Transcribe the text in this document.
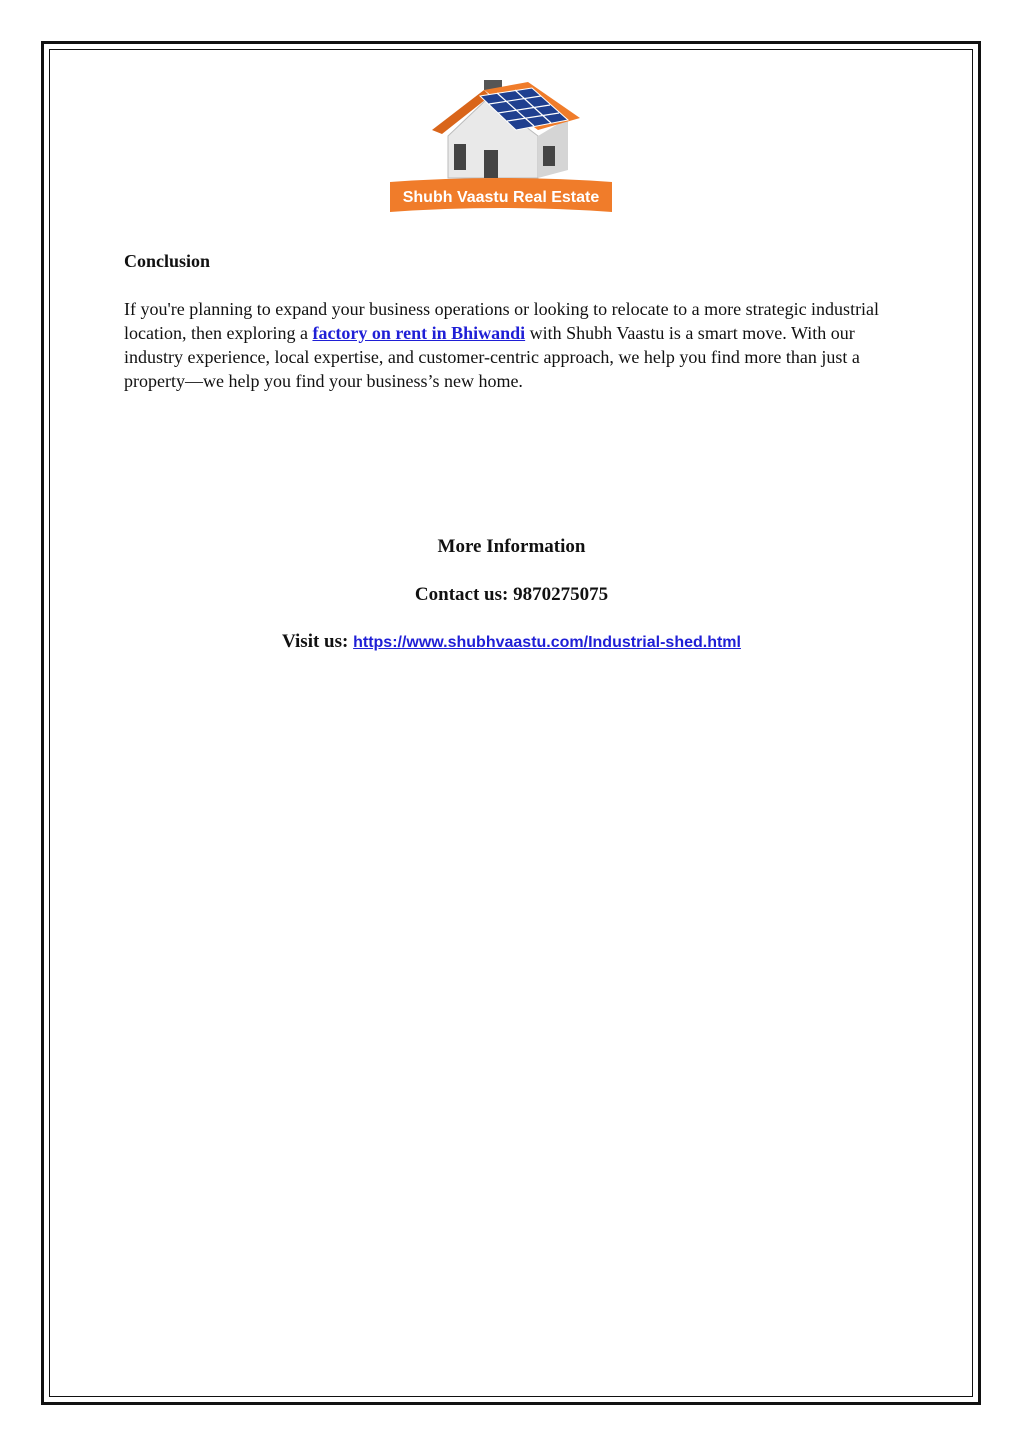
Shubh Vaastu Real Estate

Conclusion

If you're planning to expand your business operations or looking to relocate to a more strategic industrial location, then exploring a factory on rent in Bhiwandi with Shubh Vaastu is a smart move. With our industry experience, local expertise, and customer-centric approach, we help you find more than just a property—we help you find your business’s new home.

More Information

Contact us: 9870275075

Visit us: https://www.shubhvaastu.com/Industrial-shed.html
